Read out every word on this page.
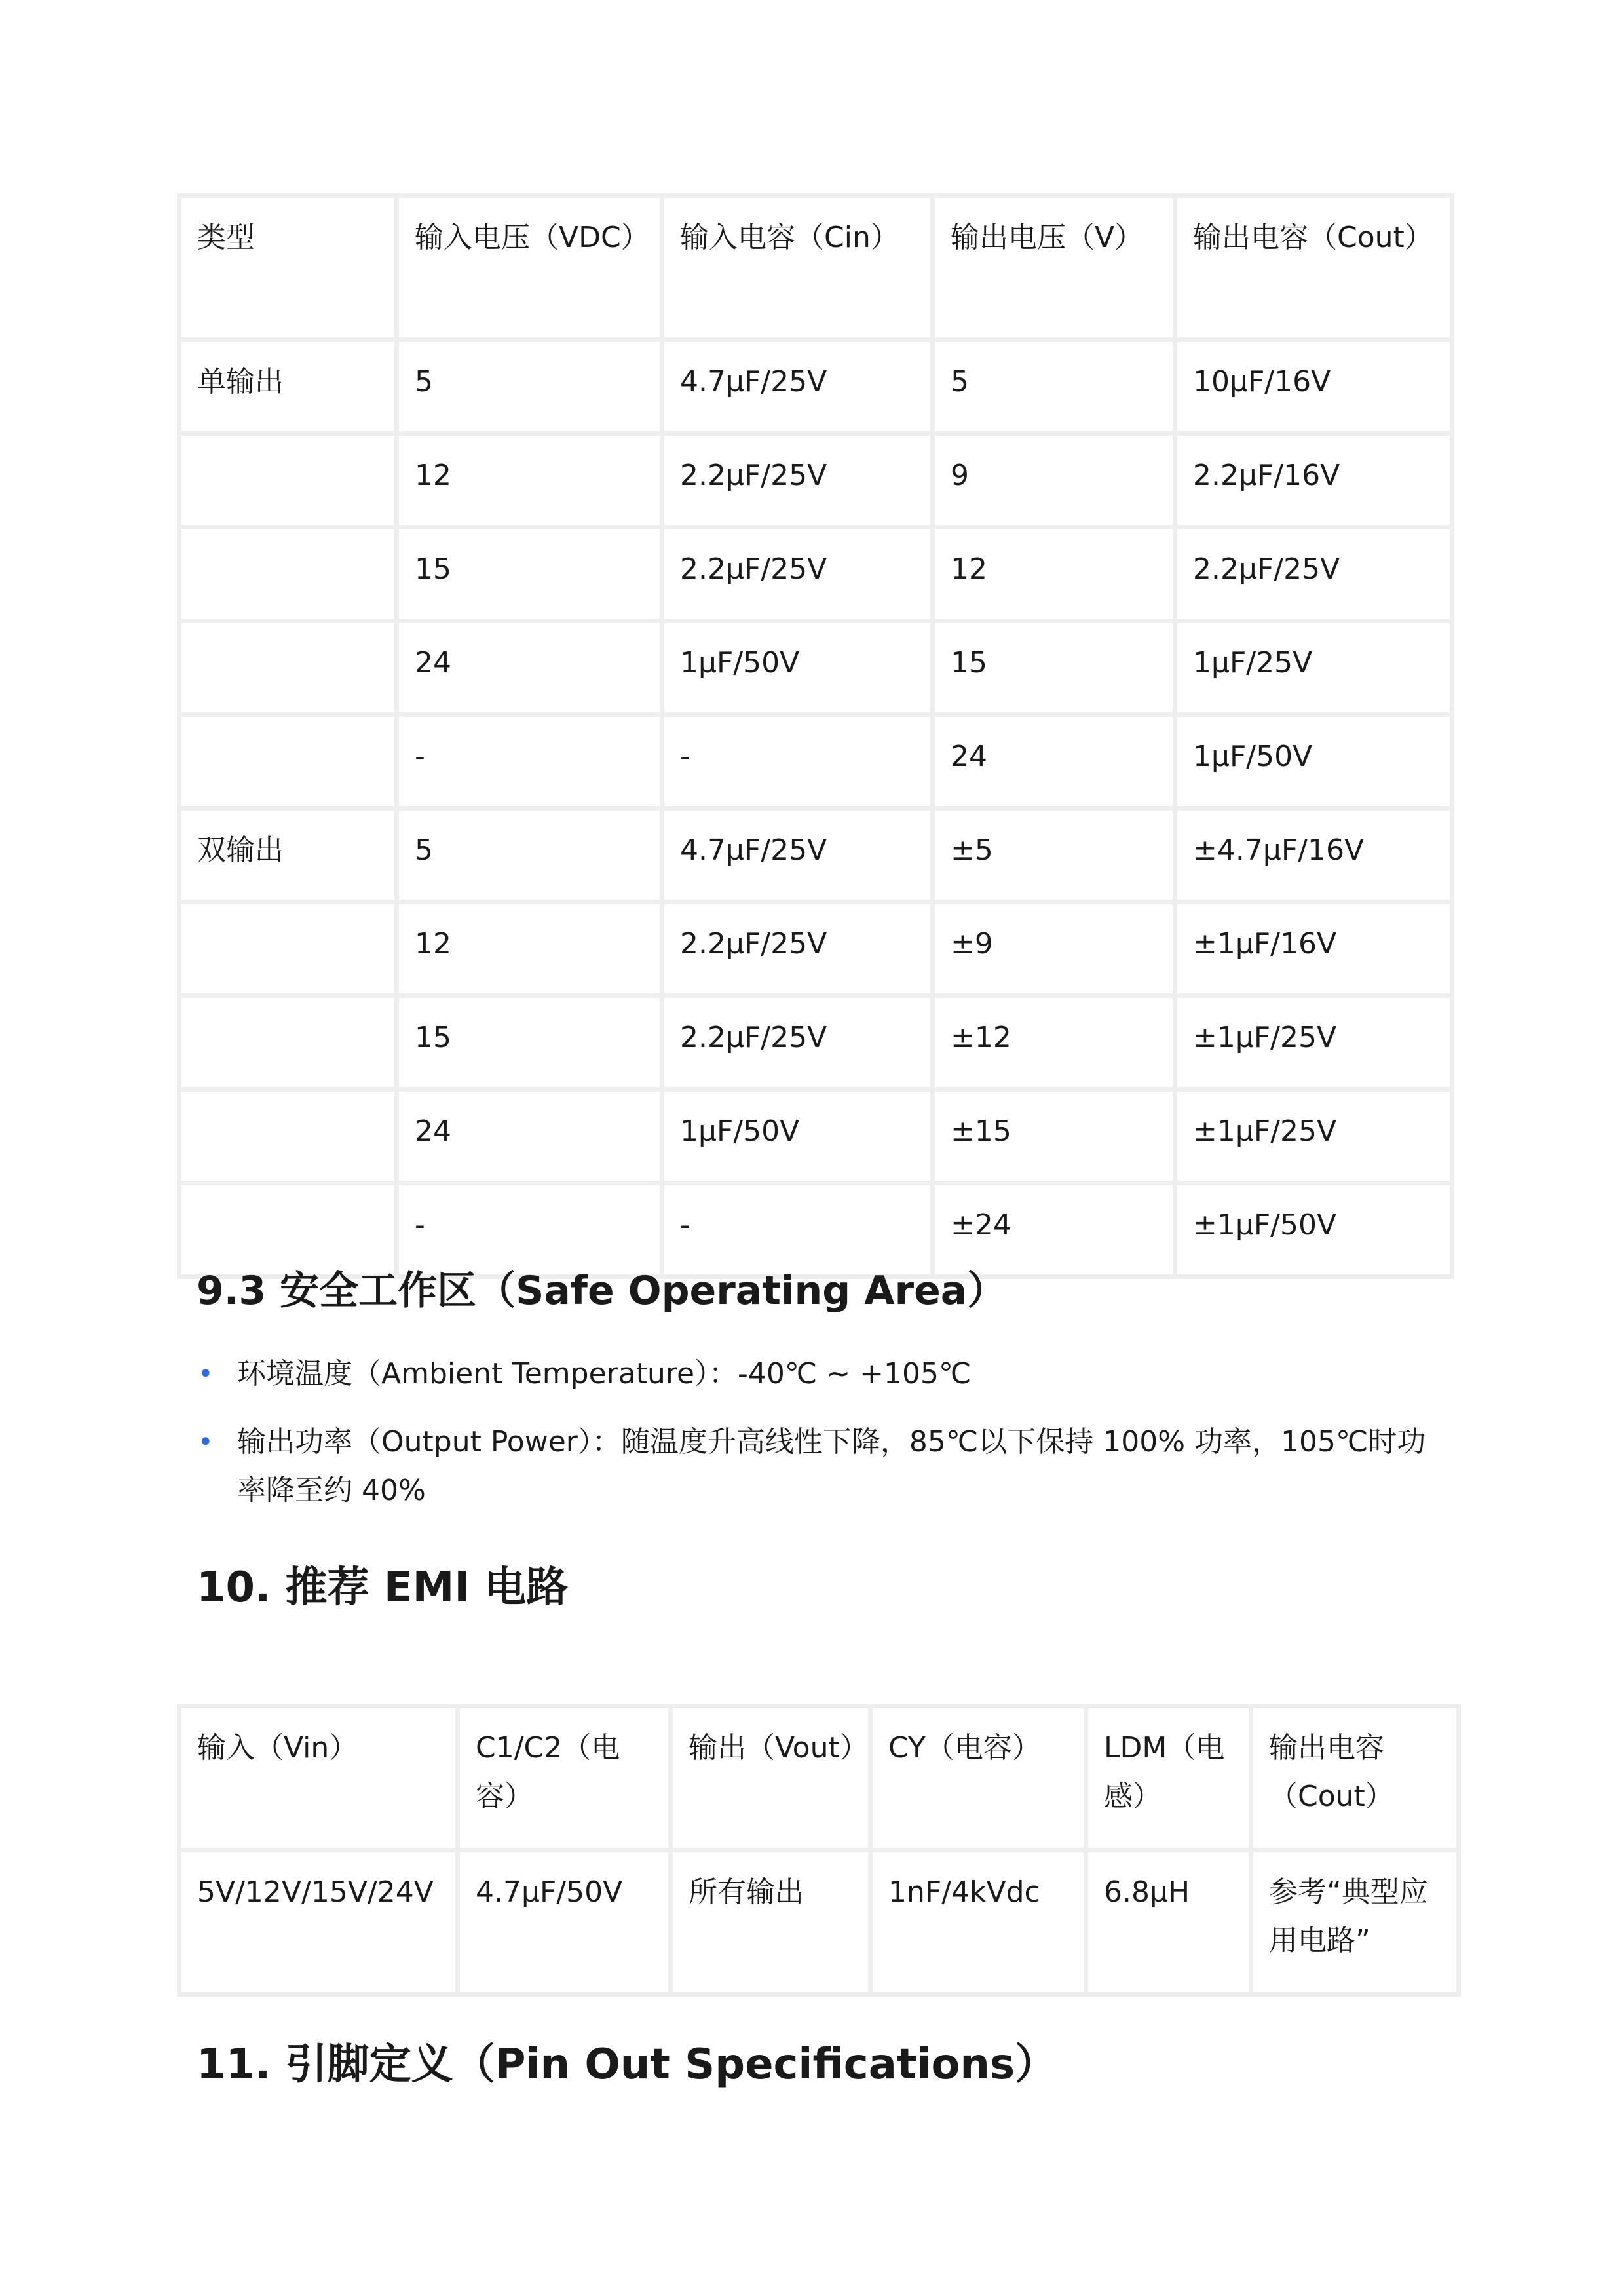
类型	输入电压（VDC）	输入电容（Cin）	输出电压（V）	输出电容（Cout）
单输出	5	4.7μF/25V	5	10μF/16V
	12	2.2μF/25V	9	2.2μF/16V
	15	2.2μF/25V	12	2.2μF/25V
	24	1μF/50V	15	1μF/25V
	-	-	24	1μF/50V
双输出	5	4.7μF/25V	±5	±4.7μF/16V
	12	2.2μF/25V	±9	±1μF/16V
	15	2.2μF/25V	±12	±1μF/25V
	24	1μF/50V	±15	±1μF/25V
	-	-	±24	±1μF/50V
9.3 安全工作区（Safe Operating Area）
• 环境温度（Ambient Temperature）：-40℃ ~ +105℃
• 输出功率（Output Power）：随温度升高线性下降，85℃以下保持 100% 功率，105℃时功率降至约 40%
10. 推荐 EMI 电路
输入（Vin）	C1/C2（电容）	输出（Vout）	CY（电容）	LDM（电感）	输出电容（Cout）
5V/12V/15V/24V	4.7μF/50V	所有输出	1nF/4kVdc	6.8μH	参考“典型应用电路”
11. 引脚定义（Pin Out Specifications）
